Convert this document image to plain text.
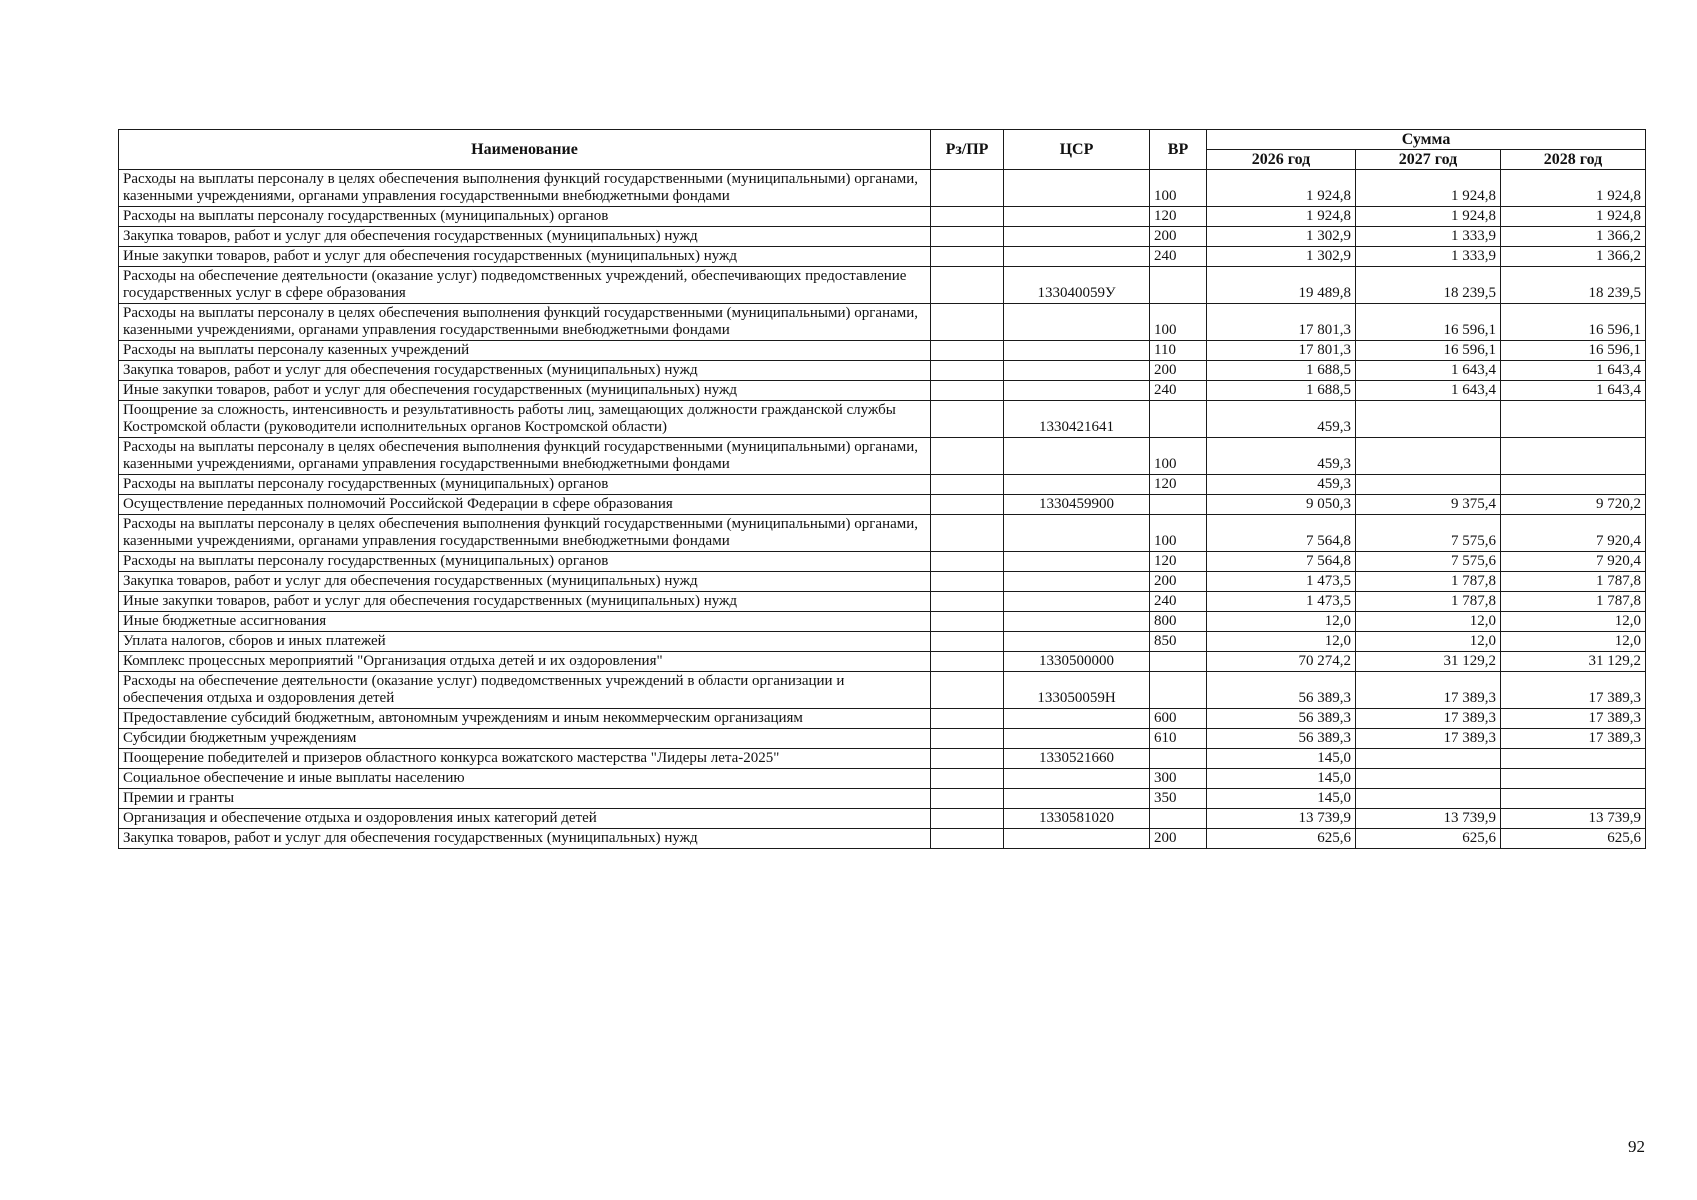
Наименование	Рз/ПР	ЦСР	ВР	Сумма		
				2026 год	2027 год	2028 год
Расходы на выплаты персоналу в целях обеспечения выполнения функций государственными (муниципальными) органами, казенными учреждениями, органами управления государственными внебюджетными фондами			100	1 924,8	1 924,8	1 924,8
Расходы на выплаты персоналу государственных (муниципальных) органов			120	1 924,8	1 924,8	1 924,8
Закупка товаров, работ и услуг для обеспечения государственных (муниципальных) нужд			200	1 302,9	1 333,9	1 366,2
Иные закупки товаров, работ и услуг для обеспечения государственных (муниципальных) нужд			240	1 302,9	1 333,9	1 366,2
Расходы на обеспечение деятельности (оказание услуг) подведомственных учреждений, обеспечивающих предоставление государственных услуг в сфере образования		133040059У		19 489,8	18 239,5	18 239,5
Расходы на выплаты персоналу в целях обеспечения выполнения функций государственными (муниципальными) органами, казенными учреждениями, органами управления государственными внебюджетными фондами			100	17 801,3	16 596,1	16 596,1
Расходы на выплаты персоналу казенных учреждений			110	17 801,3	16 596,1	16 596,1
Закупка товаров, работ и услуг для обеспечения государственных (муниципальных) нужд			200	1 688,5	1 643,4	1 643,4
Иные закупки товаров, работ и услуг для обеспечения государственных (муниципальных) нужд			240	1 688,5	1 643,4	1 643,4
Поощрение за сложность, интенсивность и результативность работы лиц, замещающих должности гражданской службы Костромской области (руководители исполнительных органов Костромской области)		1330421641		459,3		
Расходы на выплаты персоналу в целях обеспечения выполнения функций государственными (муниципальными) органами, казенными учреждениями, органами управления государственными внебюджетными фондами			100	459,3		
Расходы на выплаты персоналу государственных (муниципальных) органов			120	459,3		
Осуществление переданных полномочий Российской Федерации в сфере образования		1330459900		9 050,3	9 375,4	9 720,2
Расходы на выплаты персоналу в целях обеспечения выполнения функций государственными (муниципальными) органами, казенными учреждениями, органами управления государственными внебюджетными фондами			100	7 564,8	7 575,6	7 920,4
Расходы на выплаты персоналу государственных (муниципальных) органов			120	7 564,8	7 575,6	7 920,4
Закупка товаров, работ и услуг для обеспечения государственных (муниципальных) нужд			200	1 473,5	1 787,8	1 787,8
Иные закупки товаров, работ и услуг для обеспечения государственных (муниципальных) нужд			240	1 473,5	1 787,8	1 787,8
Иные бюджетные ассигнования			800	12,0	12,0	12,0
Уплата налогов, сборов и иных платежей			850	12,0	12,0	12,0
Комплекс процессных мероприятий "Организация отдыха детей и их оздоровления"		1330500000		70 274,2	31 129,2	31 129,2
Расходы на обеспечение деятельности (оказание услуг) подведомственных учреждений в области организации и обеспечения отдыха и оздоровления детей		133050059Н		56 389,3	17 389,3	17 389,3
Предоставление субсидий бюджетным, автономным учреждениям и иным некоммерческим организациям			600	56 389,3	17 389,3	17 389,3
Субсидии бюджетным учреждениям			610	56 389,3	17 389,3	17 389,3
Поощерение победителей и призеров областного конкурса вожатского мастерства "Лидеры лета-2025"		1330521660		145,0		
Социальное обеспечение и иные выплаты населению			300	145,0		
Премии и гранты			350	145,0		
Организация и обеспечение отдыха и оздоровления иных категорий детей		1330581020		13 739,9	13 739,9	13 739,9
Закупка товаров, работ и услуг для обеспечения государственных (муниципальных) нужд			200	625,6	625,6	625,6
92
